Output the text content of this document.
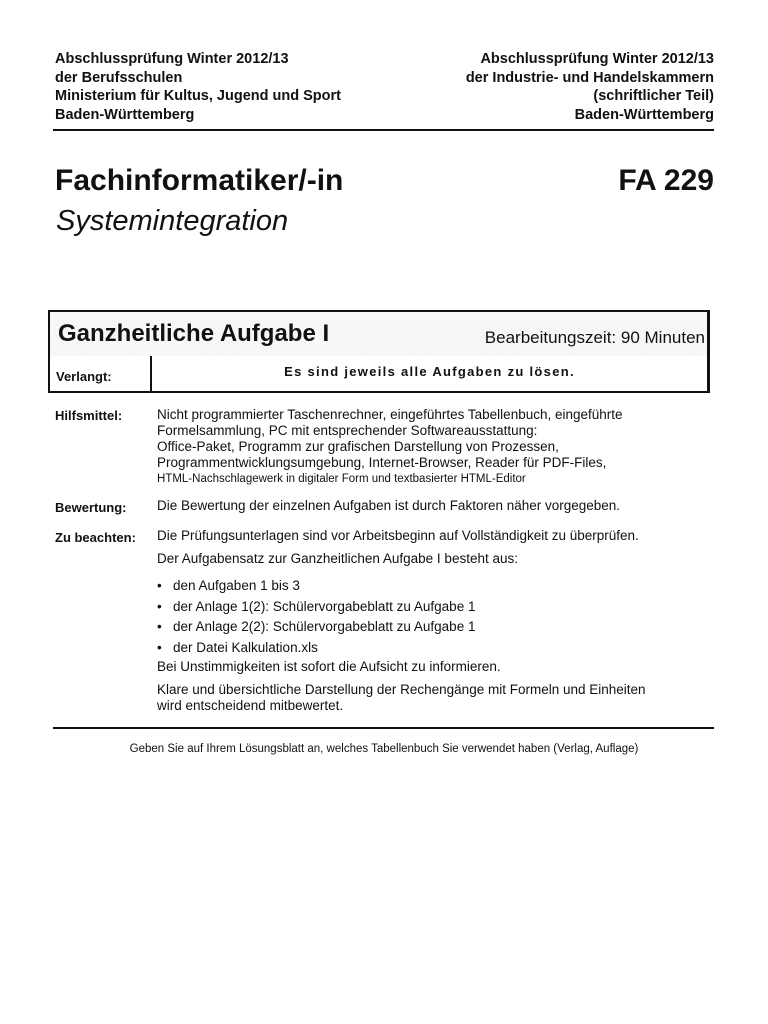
Abschlussprüfung Winter 2012/13
der Berufsschulen
Ministerium für Kultus, Jugend und Sport
Baden-Württemberg
Abschlussprüfung Winter 2012/13
der Industrie- und Handelskammern
(schriftlicher Teil)
Baden-Württemberg
Fachinformatiker/-in	FA 229
Systemintegration
Ganzheitliche Aufgabe I	Bearbeitungszeit: 90 Minuten
Verlangt:	Es sind jeweils alle Aufgaben zu lösen.
Hilfsmittel:	Nicht programmierter Taschenrechner, eingeführtes Tabellenbuch, eingeführte
Formelsammlung, PC mit entsprechender Softwareausstattung:
Office-Paket, Programm zur grafischen Darstellung von Prozessen,
Programmentwicklungsumgebung, Internet-Browser, Reader für PDF-Files,
HTML-Nachschlagewerk in digitaler Form und textbasierter HTML-Editor
Bewertung: Die Bewertung der einzelnen Aufgaben ist durch Faktoren näher vorgegeben.
Zu beachten: Die Prüfungsunterlagen sind vor Arbeitsbeginn auf Vollständigkeit zu überprüfen.
Der Aufgabensatz zur Ganzheitlichen Aufgabe I besteht aus:
• den Aufgaben 1 bis 3
• der Anlage 1(2): Schülervorgabeblatt zu Aufgabe 1
• der Anlage 2(2): Schülervorgabeblatt zu Aufgabe 1
• der Datei Kalkulation.xls
Bei Unstimmigkeiten ist sofort die Aufsicht zu informieren.
Klare und übersichtliche Darstellung der Rechengänge mit Formeln und Einheiten
wird entscheidend mitbewertet.
Geben Sie auf Ihrem Lösungsblatt an, welches Tabellenbuch Sie verwendet haben (Verlag, Auflage)
